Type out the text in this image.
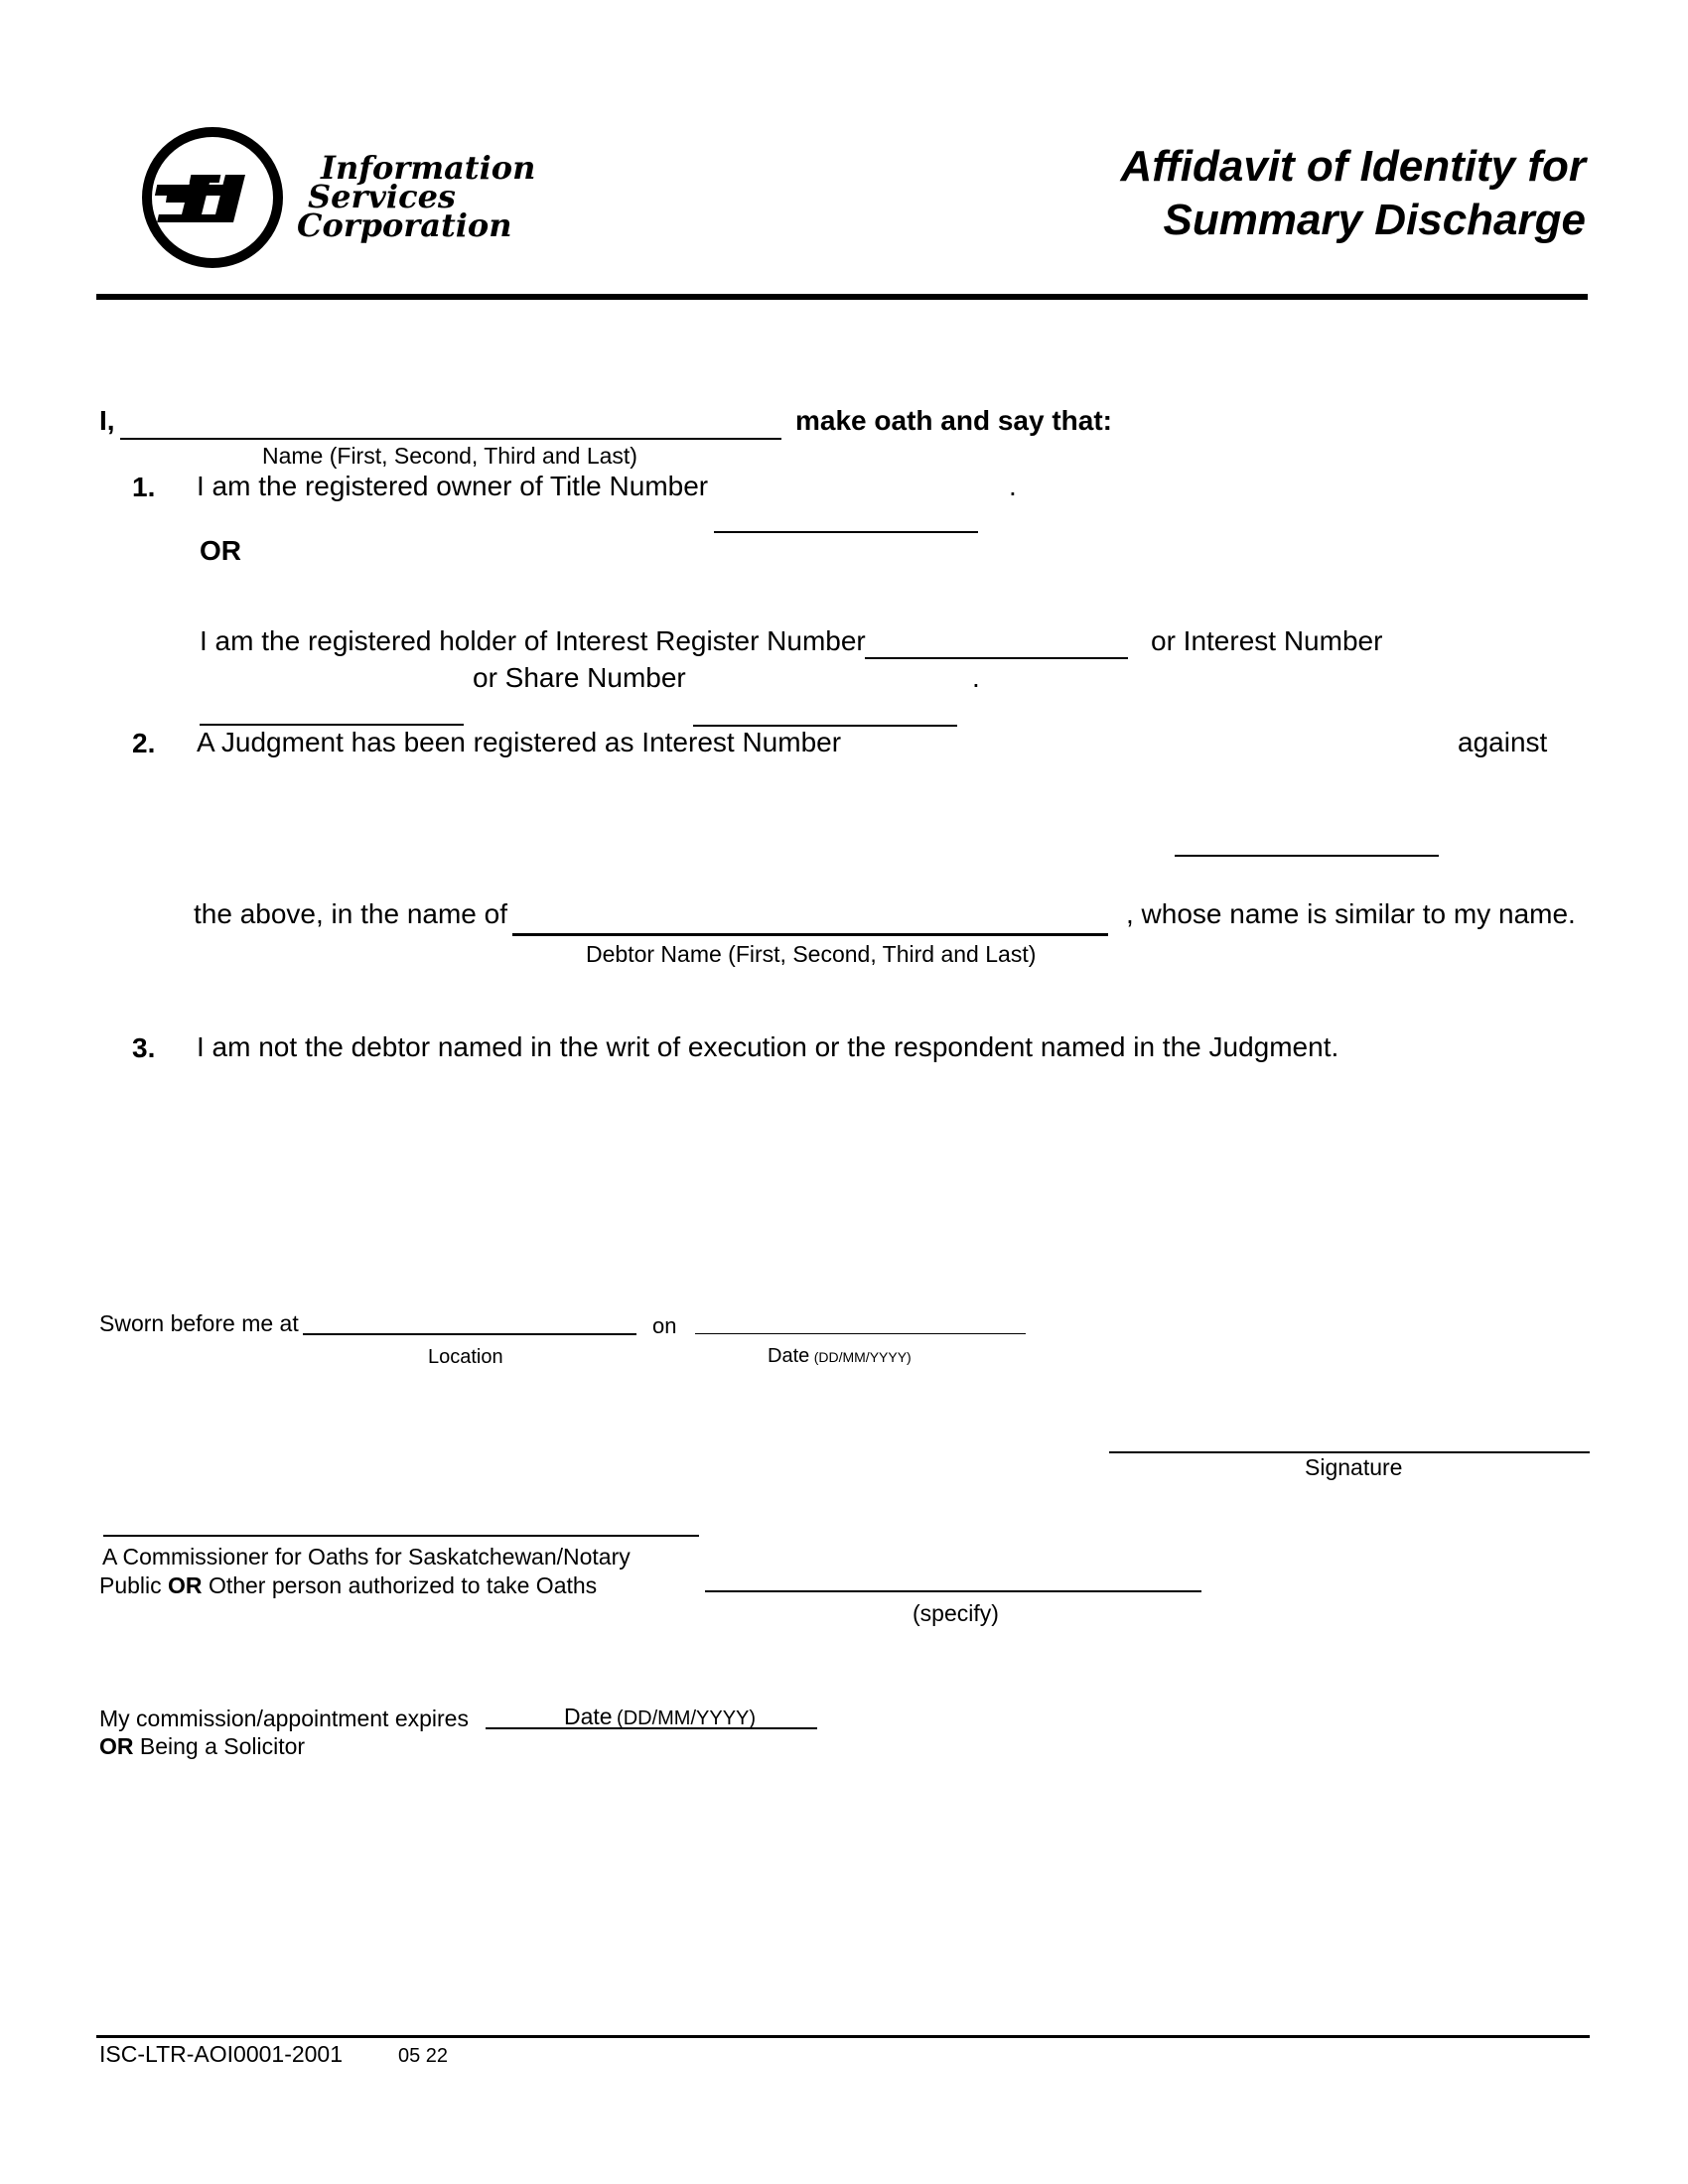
Information
Services
Corporation
Affidavit of Identity for
Summary Discharge
I,	make oath and say that:
Name (First, Second, Third and Last)
1. I am the registered owner of Title Number	.
OR
I am the registered holder of Interest Register Number	or Interest Number
or Share Number	.
2. A Judgment has been registered as Interest Number	against
the above, in the name of	, whose name is similar to my name.
Debtor Name (First, Second, Third and Last)
3. I am not the debtor named in the writ of execution or the respondent named in the Judgment.
Sworn before me at	on
Location	Date (DD/MM/YYYY)
Signature
A Commissioner for Oaths for Saskatchewan/Notary
Public OR Other person authorized to take Oaths
(specify)
My commission/appointment expires	Date (DD/MM/YYYY)
OR Being a Solicitor
ISC-LTR-AOI0001-2001	05 22
